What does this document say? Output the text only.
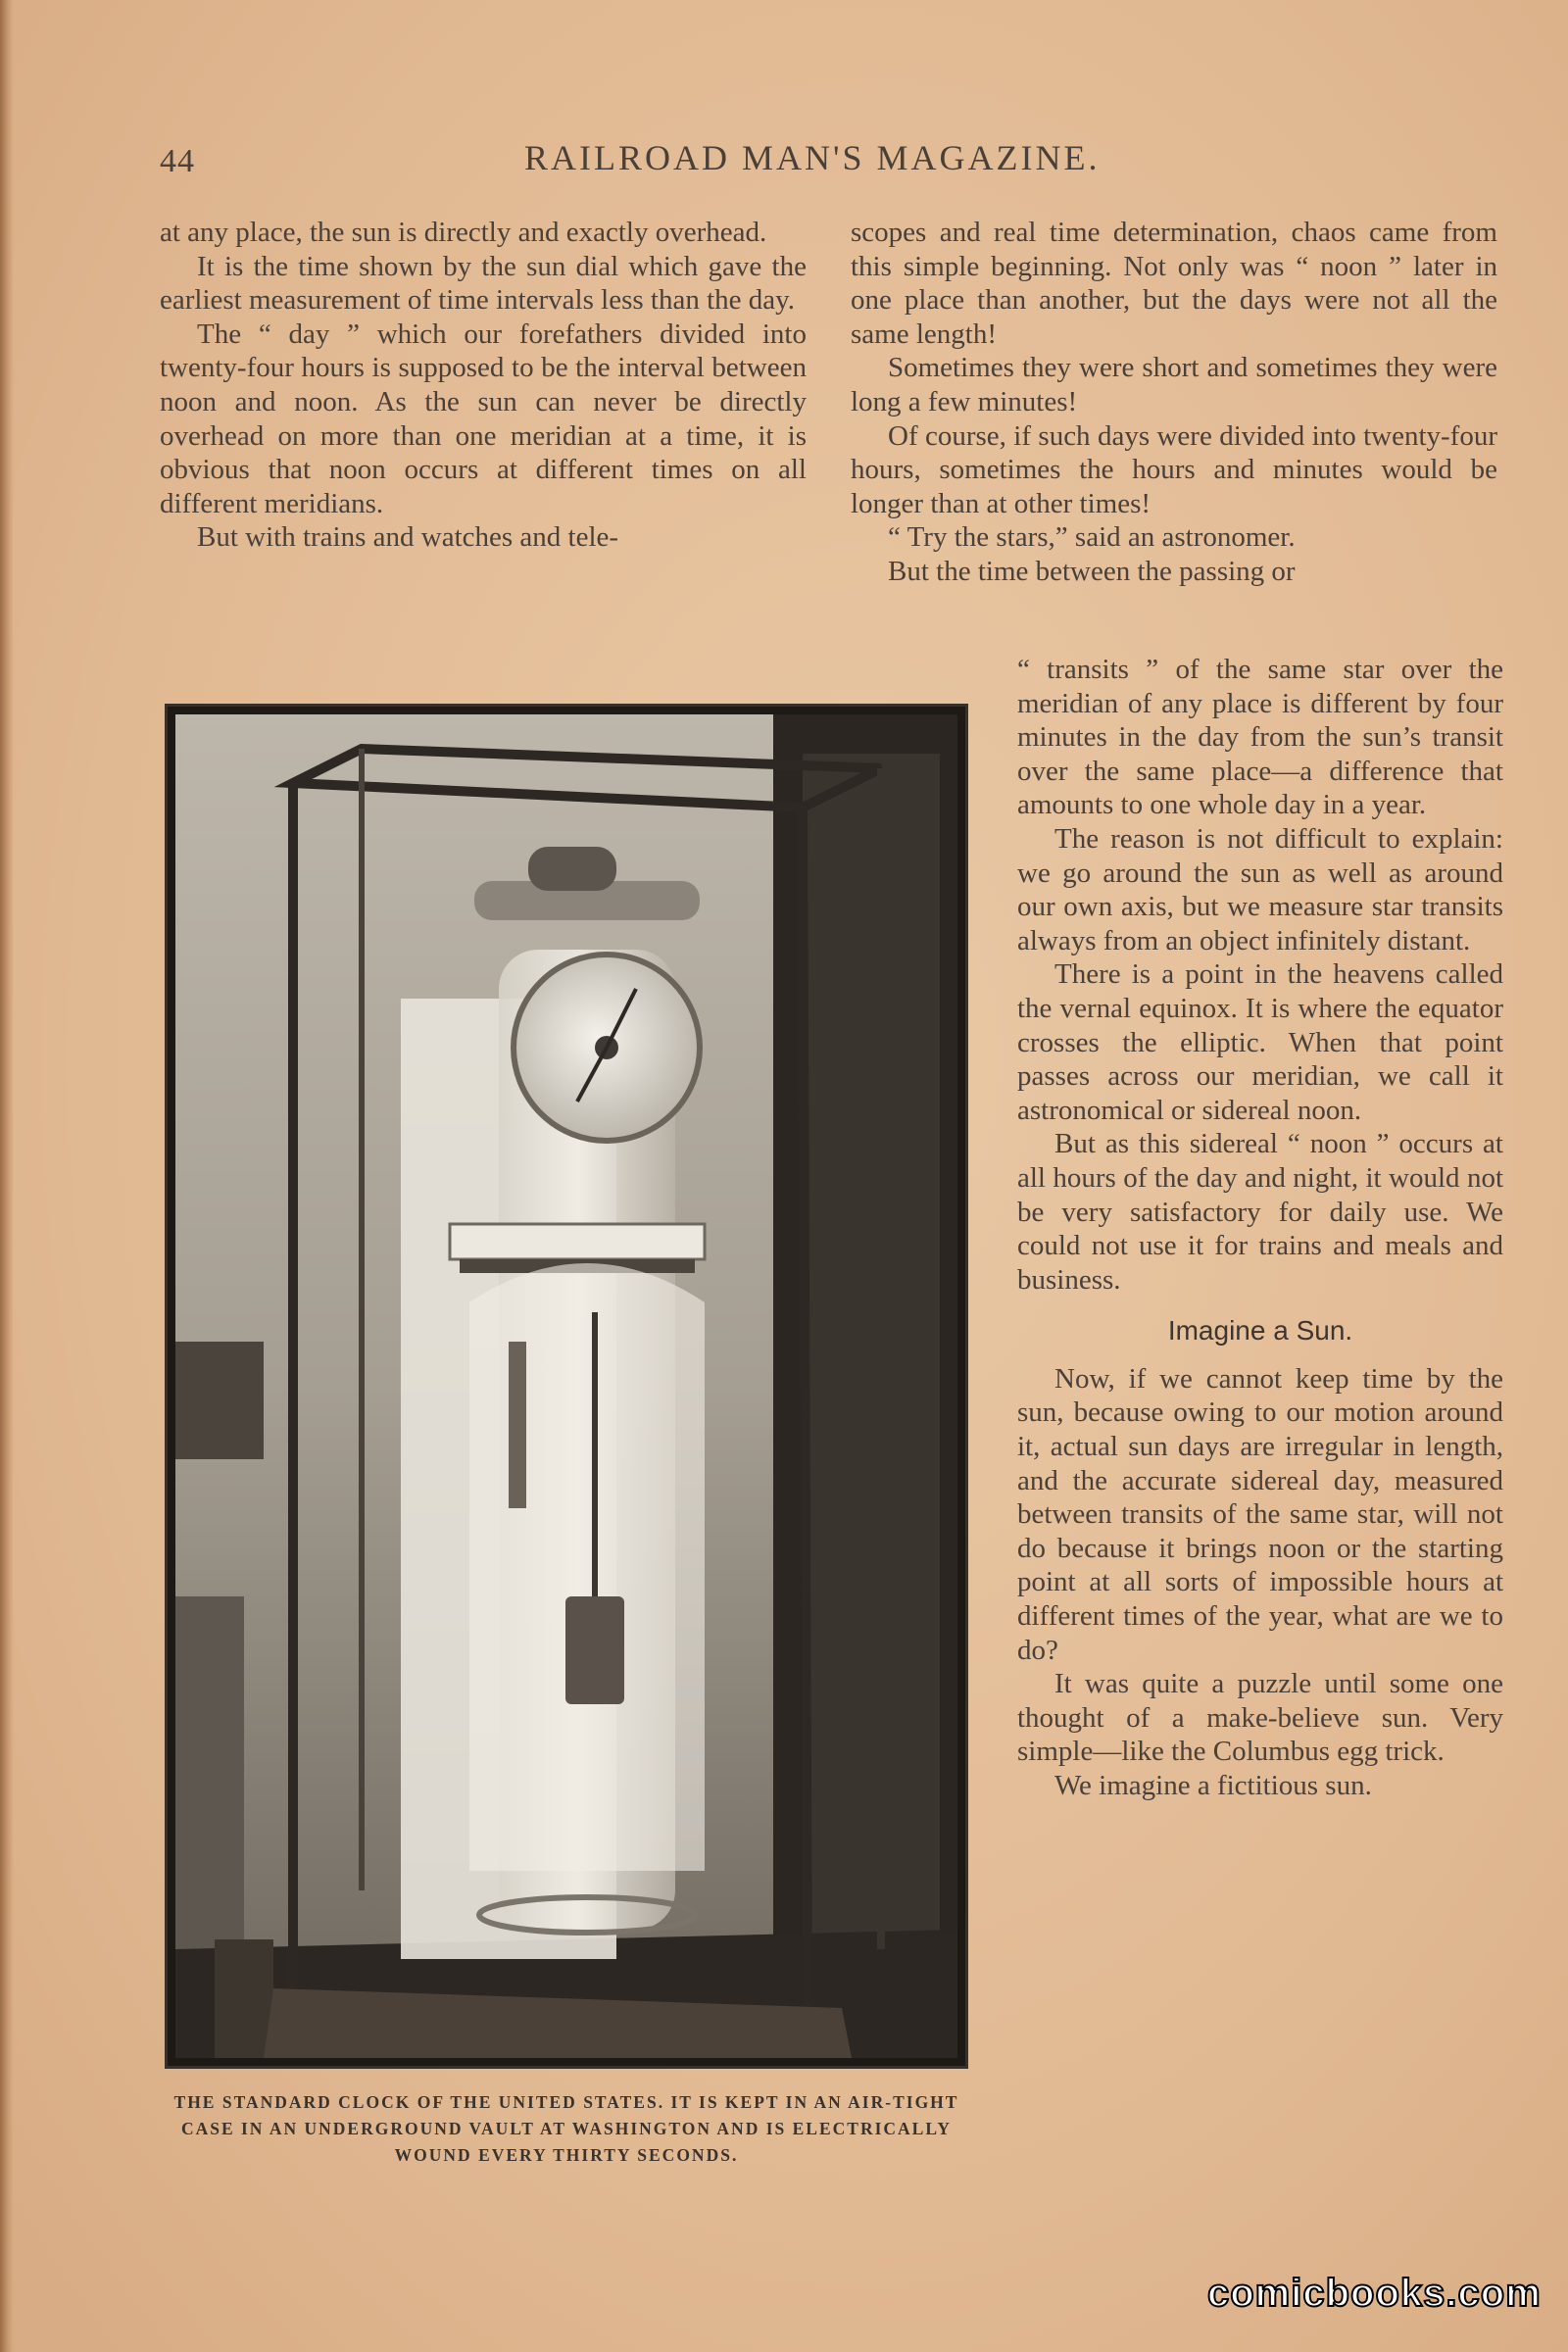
44	RAILROAD MAN'S MAGAZINE.

at any place, the sun is directly and exactly overhead.

It is the time shown by the sun dial which gave the earliest measurement of time intervals less than the day.

The “ day ” which our forefathers divided into twenty-four hours is supposed to be the interval between noon and noon. As the sun can never be directly overhead on more than one meridian at a time, it is obvious that noon occurs at different times on all different meridians.

But with trains and watches and tele-

scopes and real time determination, chaos came from this simple beginning. Not only was “ noon ” later in one place than another, but the days were not all the same length!

Sometimes they were short and sometimes they were long a few minutes!

Of course, if such days were divided into twenty-four hours, sometimes the hours and minutes would be longer than at other times!

“ Try the stars,” said an astronomer.

But the time between the passing or

“ transits ” of the same star over the meridian of any place is different by four minutes in the day from the sun’s transit over the same place—a difference that amounts to one whole day in a year.

The reason is not difficult to explain: we go around the sun as well as around our own axis, but we measure star transits always from an object infinitely distant.

There is a point in the heavens called the vernal equinox. It is where the equator crosses the elliptic. When that point passes across our meridian, we call it astronomical or sidereal noon.

But as this sidereal “ noon ” occurs at all hours of the day and night, it would not be very satisfactory for daily use. We could not use it for trains and meals and business.

Imagine a Sun.

Now, if we cannot keep time by the sun, because owing to our motion around it, actual sun days are irregular in length, and the accurate sidereal day, measured between transits of the same star, will not do because it brings noon or the starting point at all sorts of impossible hours at different times of the year, what are we to do?

It was quite a puzzle until some one thought of a make-believe sun. Very simple—like the Columbus egg trick.

We imagine a fictitious sun.

THE STANDARD CLOCK OF THE UNITED STATES. IT IS KEPT IN AN AIR-TIGHT CASE IN AN UNDERGROUND VAULT AT WASHINGTON AND IS ELECTRICALLY WOUND EVERY THIRTY SECONDS.
comicbooks.com
